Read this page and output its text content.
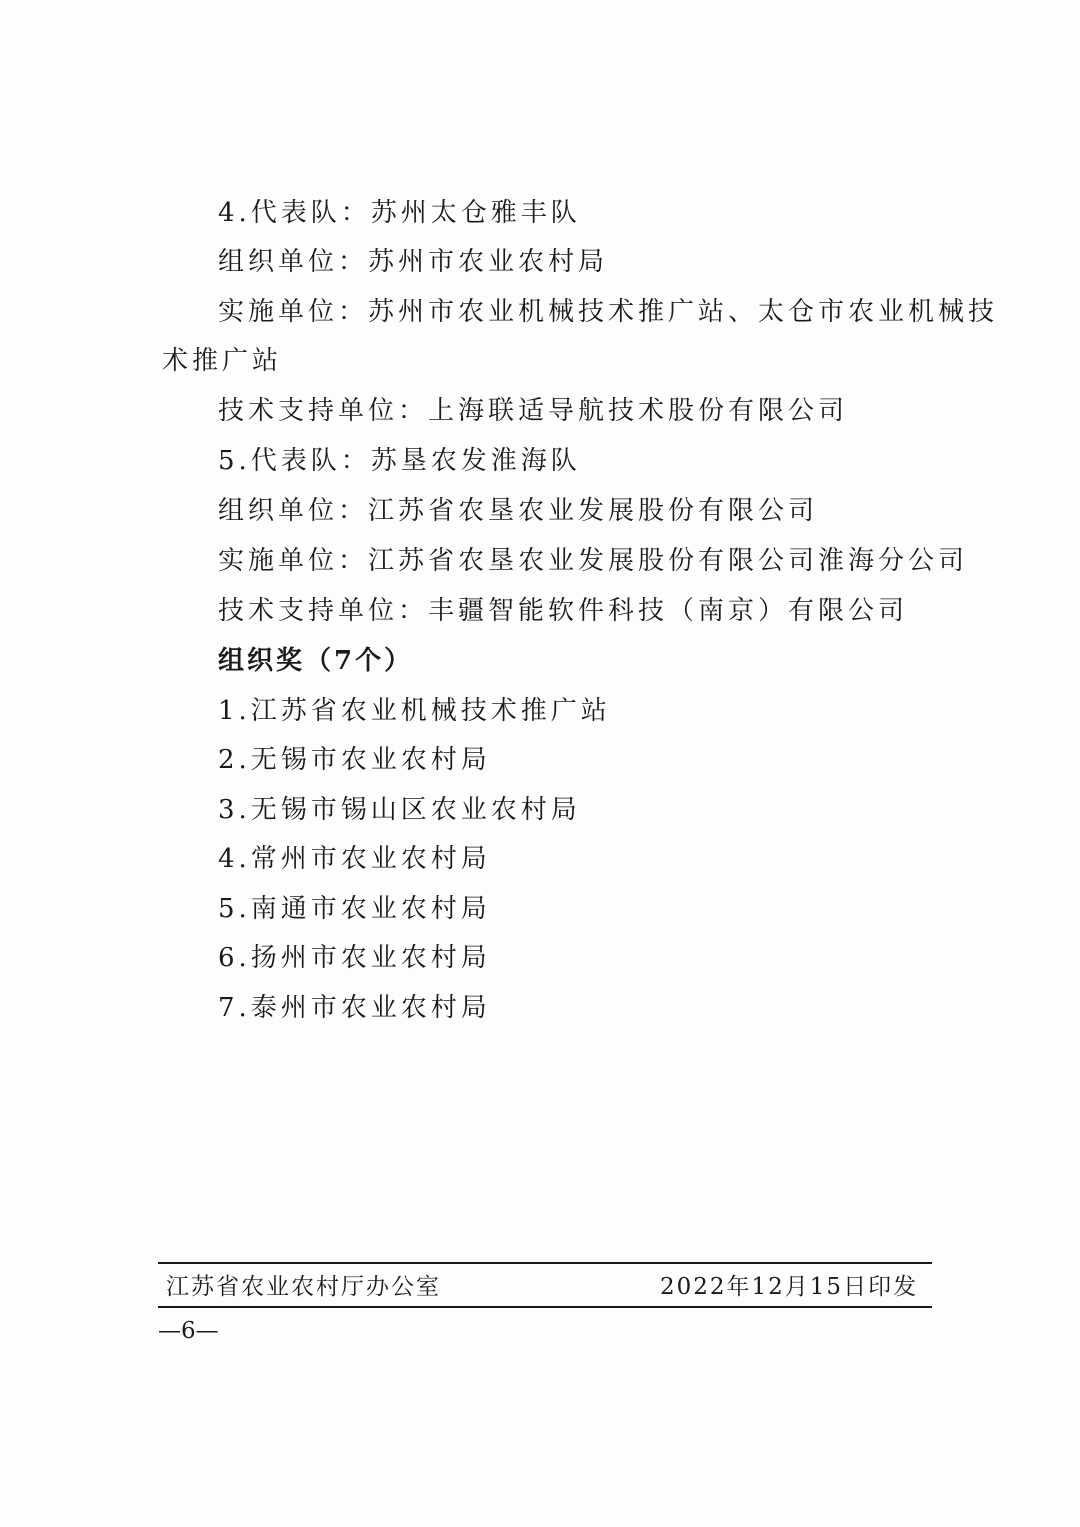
4.代表队：苏州太仓雅丰队
组织单位：苏州市农业农村局
实施单位：苏州市农业机械技术推广站、太仓市农业机械技
术推广站
技术支持单位：上海联适导航技术股份有限公司
5.代表队：苏垦农发淮海队
组织单位：江苏省农垦农业发展股份有限公司
实施单位：江苏省农垦农业发展股份有限公司淮海分公司
技术支持单位：丰疆智能软件科技（南京）有限公司
组织奖（7个）
1.江苏省农业机械技术推广站
2.无锡市农业农村局
3.无锡市锡山区农业农村局
4.常州市农业农村局
5.南通市农业农村局
6.扬州市农业农村局
7.泰州市农业农村局
江苏省农业农村厅办公室	2022年12月15日印发
—6—
